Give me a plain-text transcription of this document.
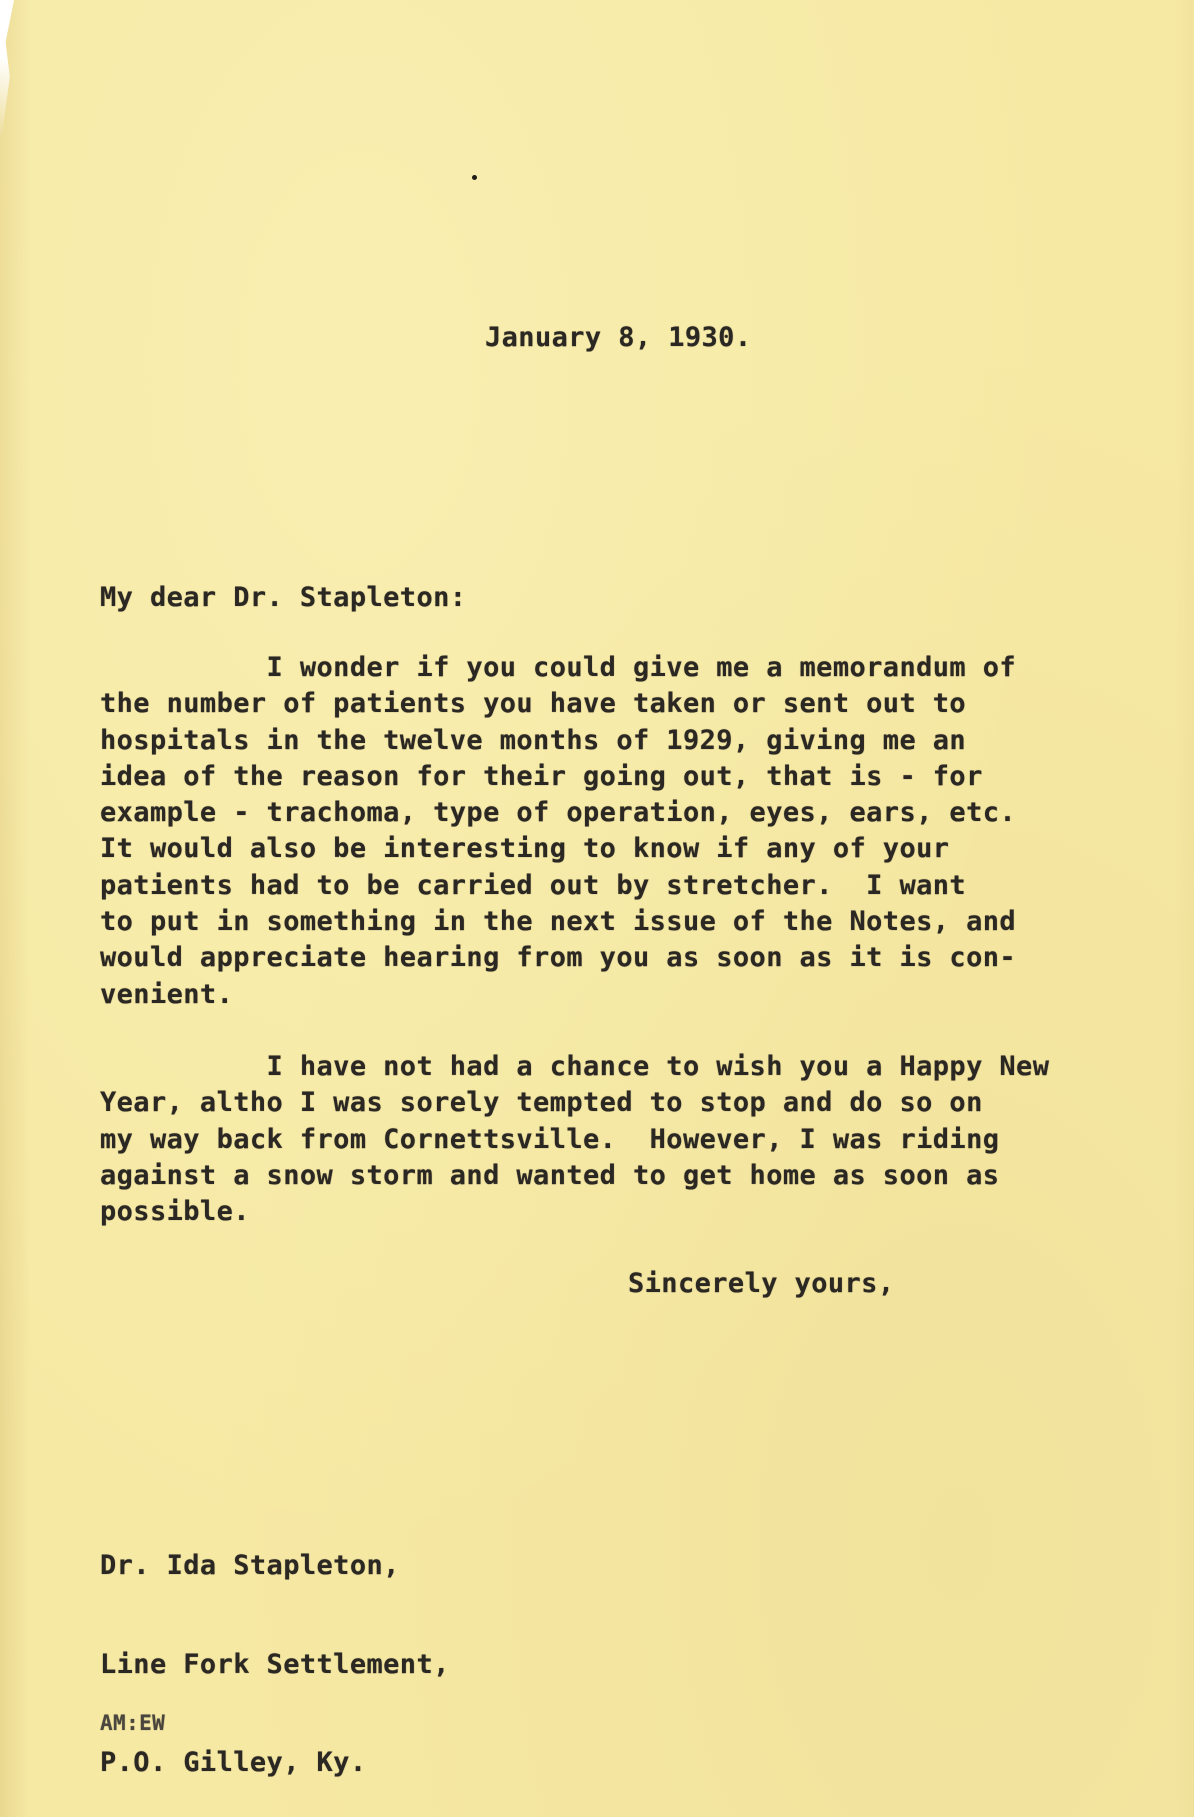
January 8, 1930.

My dear Dr. Stapleton:

I wonder if you could give me a memorandum of
the number of patients you have taken or sent out to
hospitals in the twelve months of 1929, giving me an
idea of the reason for their going out, that is - for
example - trachoma, type of operation, eyes, ears, etc.
It would also be interesting to know if any of your
patients had to be carried out by stretcher.  I want
to put in something in the next issue of the Notes, and
would appreciate hearing from you as soon as it is con-
venient.
I have not had a chance to wish you a Happy New
Year, altho I was sorely tempted to stop and do so on
my way back from Cornettsville.  However, I was riding
against a snow storm and wanted to get home as soon as
possible.

Sincerely yours,

Dr. Ida Stapleton,

Line Fork Settlement,

P.O. Gilley, Ky.

AM:EW
